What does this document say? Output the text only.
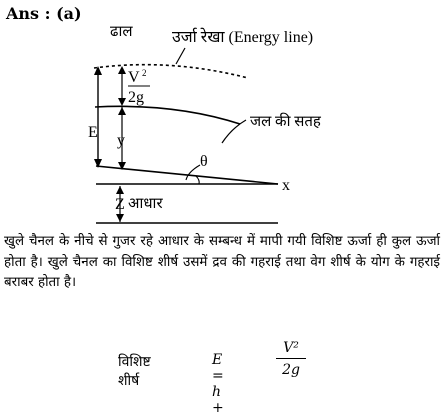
Ans : (a)
ढाल उर्जा रेखा (Energy line)
V 2
2g
जल की सतह
E y
θ
x
Z आधार
खुले चैनल के नीचे से गुजर रहे आधार के सम्बन्ध में मापी गयी विशिष्ट ऊर्जा ही कुल ऊर्जा होता है। खुले चैनल का विशिष्ट शीर्ष उसमें द्रव की गहराई तथा वेग शीर्ष के योग के गहराई बराबर होता है।
विशिष्ट शीर्ष
E = h +
V²
2g
